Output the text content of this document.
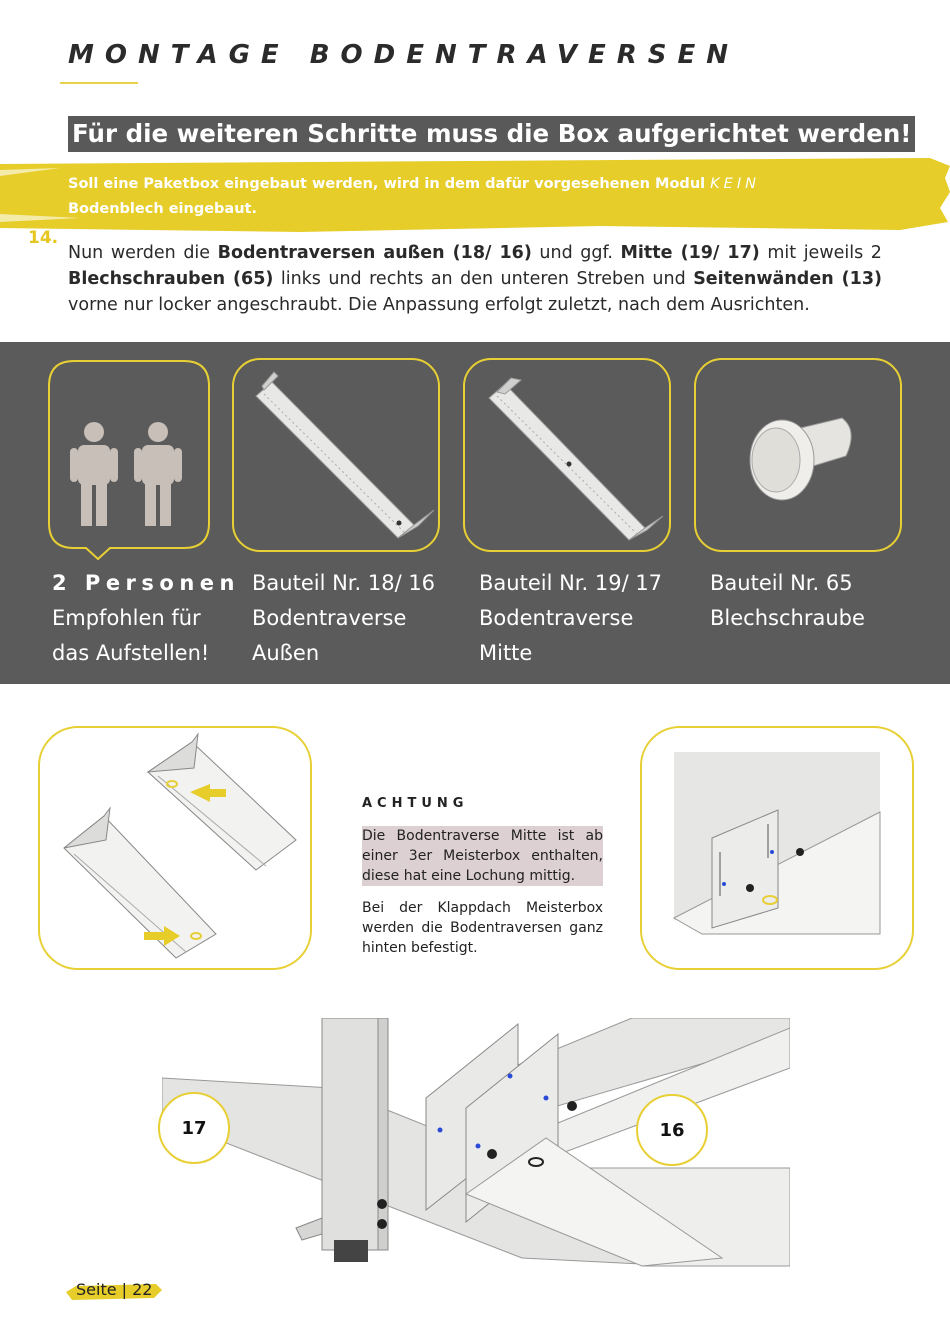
MONTAGE BODENTRAVERSEN
Für die weiteren Schritte muss die Box aufgerichtet werden!
Soll eine Paketbox eingebaut werden, wird in dem dafür vorgesehenen Modul KEIN
Bodenblech eingebaut.
14.
Nun werden die Bodentraversen außen (18/ 16) und ggf. Mitte (19/ 17) mit jeweils 2 Blechschrauben (65) links und rechts an den unteren Streben und Seitenwänden (13) vorne nur locker angeschraubt. Die Anpassung erfolgt zuletzt, nach dem Ausrichten.
2 Personen
Empfohlen für
das Aufstellen!
Bauteil Nr. 18/ 16
Bodentraverse
Außen
Bauteil Nr. 19/ 17
Bodentraverse
Mitte
Bauteil Nr. 65
Blechschraube
ACHTUNG
Die Bodentraverse Mitte ist ab einer 3er Meisterbox enthalten, diese hat eine Lochung mittig.
Bei der Klappdach Meisterbox werden die Bodentraversen ganz hinten befestigt.
17	16
Seite | 22
